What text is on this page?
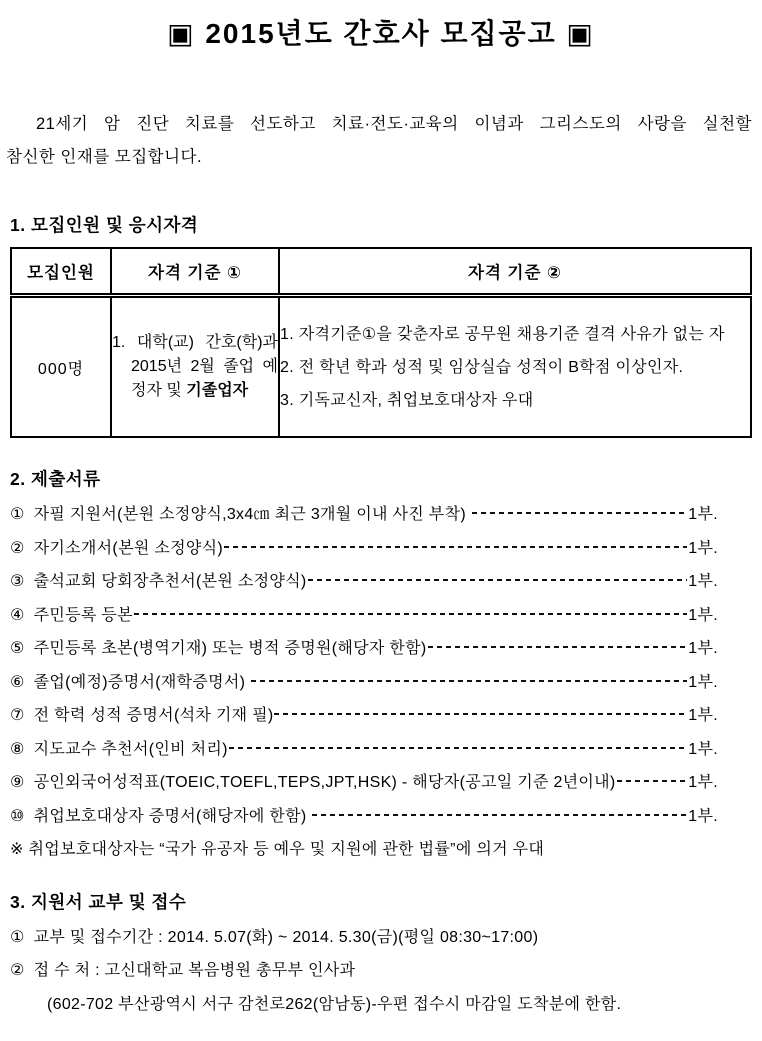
▣ 2015년도 간호사 모집공고 ▣
21세기 암 진단 치료를 선도하고 치료·전도·교육의 이념과 그리스도의 사랑을 실천할
참신한 인재를 모집합니다.
1. 모집인원 및 응시자격
모집인원	자격 기준 ①	자격 기준 ②
000명	1. 대학(교) 간호(학)과 2015년 2월 졸업 예정자 및 기졸업자	1. 자격기준①을 갖춘자로 공무원 채용기준 결격 사유가 없는 자
2. 전 학년 학과 성적 및 임상실습 성적이 B학점 이상인자.
3. 기독교신자, 취업보호대상자 우대
2. 제출서류
① 자필 지원서(본원 소정양식,3x4㎝ 최근 3개월 이내 사진 부착)	1부.
② 자기소개서(본원 소정양식)	1부.
③ 출석교회 당회장추천서(본원 소정양식)	1부.
④ 주민등록 등본	1부.
⑤ 주민등록 초본(병역기재) 또는 병적 증명원(해당자 한함)	1부.
⑥ 졸업(예정)증명서(재학증명서)	1부.
⑦ 전 학력 성적 증명서(석차 기재 필)	1부.
⑧ 지도교수 추천서(인비 처리)	1부.
⑨ 공인외국어성적표(TOEIC,TOEFL,TEPS,JPT,HSK) - 해당자(공고일 기준 2년이내)	1부.
⑩ 취업보호대상자 증명서(해당자에 한함)	1부.
※ 취업보호대상자는 “국가 유공자 등 예우 및 지원에 관한 법률”에 의거 우대
3. 지원서 교부 및 접수
① 교부 및 접수기간 : 2014. 5.07(화) ~ 2014. 5.30(금)(평일 08:30~17:00)
② 접 수 처 : 고신대학교 복음병원 총무부 인사과
(602-702 부산광역시 서구 감천로262(암남동)-우편 접수시 마감일 도착분에 한함.
